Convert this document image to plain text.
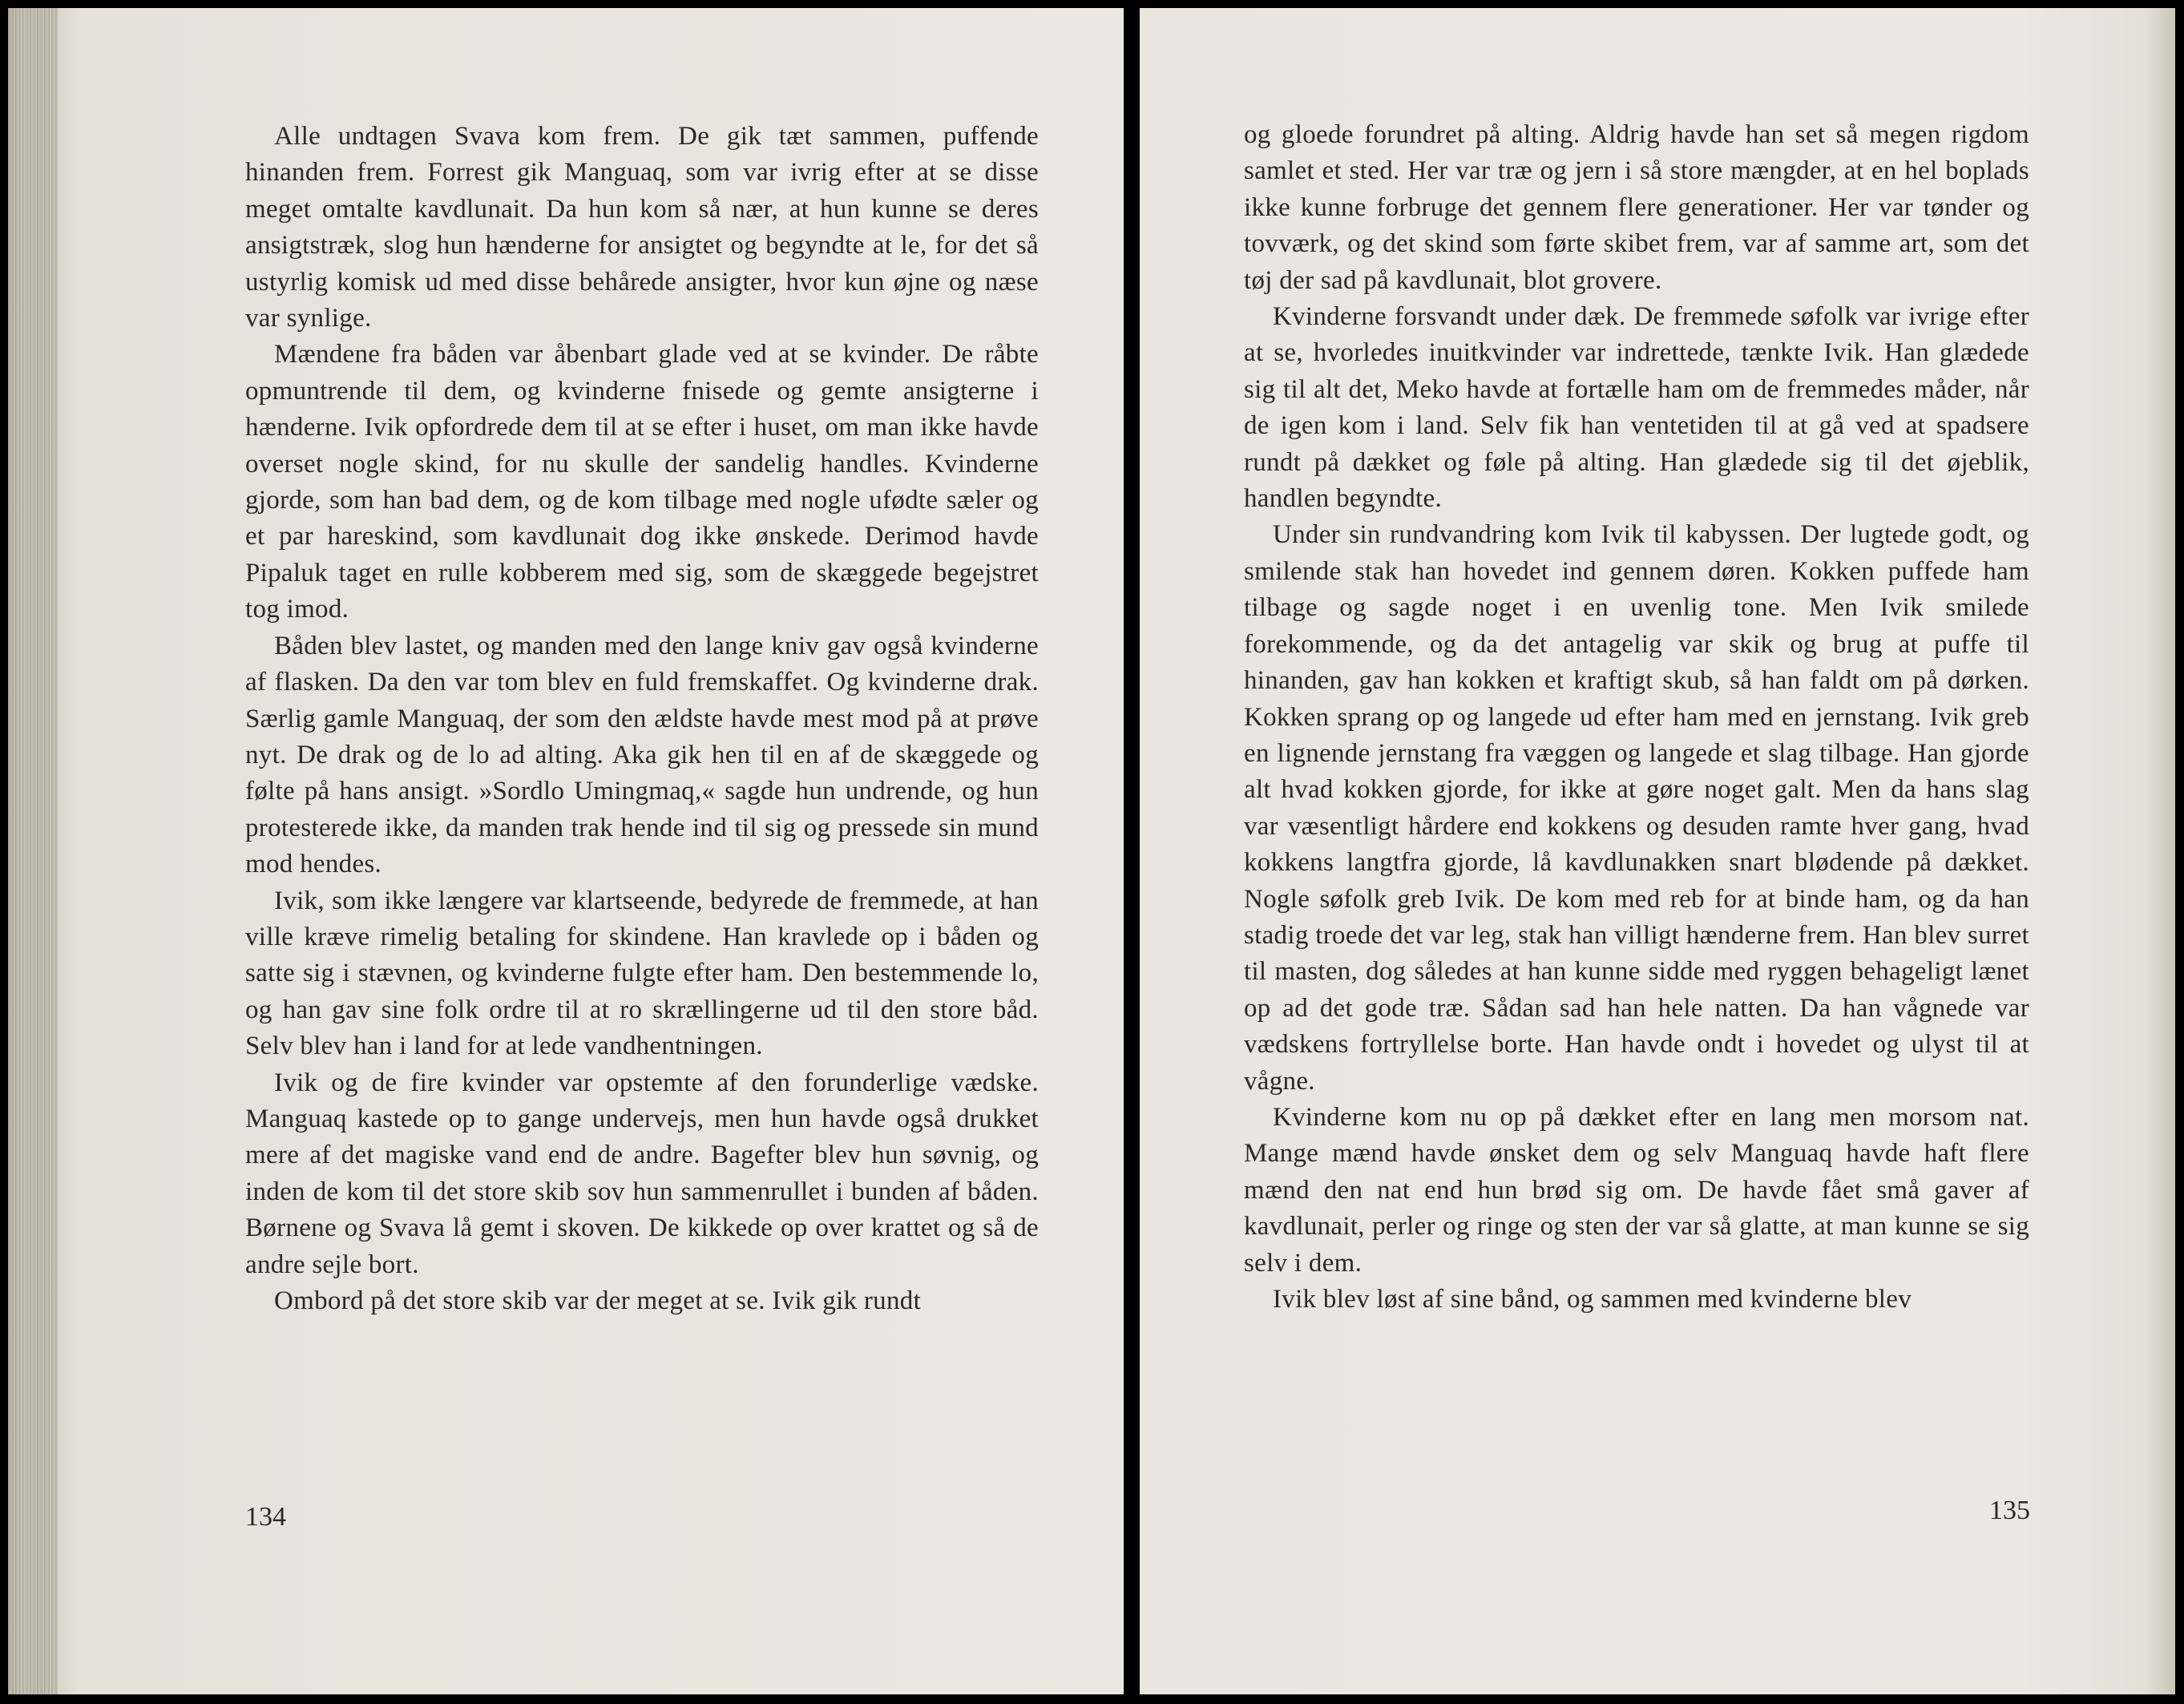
Alle undtagen Svava kom frem. De gik tæt sammen, puffende hinanden frem. Forrest gik Manguaq, som var ivrig efter at se disse meget omtalte kavdlunait. Da hun kom så nær, at hun kunne se deres ansigtstræk, slog hun hænderne for ansigtet og begyndte at le, for det så ustyrlig komisk ud med disse behårede ansigter, hvor kun øjne og næse var synlige.

Mændene fra båden var åbenbart glade ved at se kvinder. De råbte opmuntrende til dem, og kvinderne fnisede og gemte ansigterne i hænderne. Ivik opfordrede dem til at se efter i huset, om man ikke havde overset nogle skind, for nu skulle der sandelig handles. Kvinderne gjorde, som han bad dem, og de kom tilbage med nogle ufødte sæler og et par hareskind, som kavdlunait dog ikke ønskede. Derimod havde Pipaluk taget en rulle kobberem med sig, som de skæggede begejstret tog imod.

Båden blev lastet, og manden med den lange kniv gav også kvinderne af flasken. Da den var tom blev en fuld fremskaffet. Og kvinderne drak. Særlig gamle Manguaq, der som den ældste havde mest mod på at prøve nyt. De drak og de lo ad alting. Aka gik hen til en af de skæggede og følte på hans ansigt. »Sordlo Umingmaq,« sagde hun undrende, og hun protesterede ikke, da manden trak hende ind til sig og pressede sin mund mod hendes.

Ivik, som ikke længere var klartseende, bedyrede de fremmede, at han ville kræve rimelig betaling for skindene. Han kravlede op i båden og satte sig i stævnen, og kvinderne fulgte efter ham. Den bestemmende lo, og han gav sine folk ordre til at ro skrællingerne ud til den store båd. Selv blev han i land for at lede vandhentningen.

Ivik og de fire kvinder var opstemte af den forunderlige vædske. Manguaq kastede op to gange undervejs, men hun havde også drukket mere af det magiske vand end de andre. Bagefter blev hun søvnig, og inden de kom til det store skib sov hun sammenrullet i bunden af båden. Børnene og Svava lå gemt i skoven. De kikkede op over krattet og så de andre sejle bort.

Ombord på det store skib var der meget at se. Ivik gik rundt

134

og gloede forundret på alting. Aldrig havde han set så megen rigdom samlet et sted. Her var træ og jern i så store mængder, at en hel boplads ikke kunne forbruge det gennem flere generationer. Her var tønder og tovværk, og det skind som førte skibet frem, var af samme art, som det tøj der sad på kavdlunait, blot grovere.

Kvinderne forsvandt under dæk. De fremmede søfolk var ivrige efter at se, hvorledes inuitkvinder var indrettede, tænkte Ivik. Han glædede sig til alt det, Meko havde at fortælle ham om de fremmedes måder, når de igen kom i land. Selv fik han ventetiden til at gå ved at spadsere rundt på dækket og føle på alting. Han glædede sig til det øjeblik, handlen begyndte.

Under sin rundvandring kom Ivik til kabyssen. Der lugtede godt, og smilende stak han hovedet ind gennem døren. Kokken puffede ham tilbage og sagde noget i en uvenlig tone. Men Ivik smilede forekommende, og da det antagelig var skik og brug at puffe til hinanden, gav han kokken et kraftigt skub, så han faldt om på dørken. Kokken sprang op og langede ud efter ham med en jernstang. Ivik greb en lignende jernstang fra væggen og langede et slag tilbage. Han gjorde alt hvad kokken gjorde, for ikke at gøre noget galt. Men da hans slag var væsentligt hårdere end kokkens og desuden ramte hver gang, hvad kokkens langtfra gjorde, lå kavdlunakken snart blødende på dækket. Nogle søfolk greb Ivik. De kom med reb for at binde ham, og da han stadig troede det var leg, stak han villigt hænderne frem. Han blev surret til masten, dog således at han kunne sidde med ryggen behageligt lænet op ad det gode træ. Sådan sad han hele natten. Da han vågnede var vædskens fortryllelse borte. Han havde ondt i hovedet og ulyst til at vågne.

Kvinderne kom nu op på dækket efter en lang men morsom nat. Mange mænd havde ønsket dem og selv Manguaq havde haft flere mænd den nat end hun brød sig om. De havde fået små gaver af kavdlunait, perler og ringe og sten der var så glatte, at man kunne se sig selv i dem.

Ivik blev løst af sine bånd, og sammen med kvinderne blev

135
